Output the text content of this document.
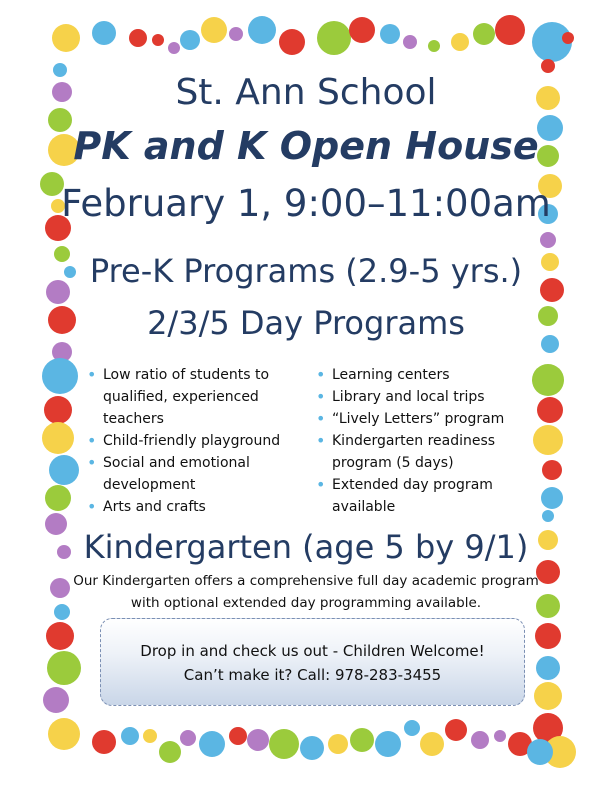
St. Ann School
PK and K Open House
February 1, 9:00–11:00am
Pre-K Programs (2.9-5 yrs.)
2/3/5 Day Programs
• Low ratio of students to qualified, experienced teachers
• Child-friendly playground
• Social and emotional development
• Arts and crafts
• Learning centers
• Library and local trips
• “Lively Letters” program
• Kindergarten readiness program (5 days)
• Extended day program available
Kindergarten (age 5 by 9/1)
Our Kindergarten offers a comprehensive full day academic program
with optional extended day programming available.
Drop in and check us out - Children Welcome!
Can’t make it? Call: 978-283-3455
